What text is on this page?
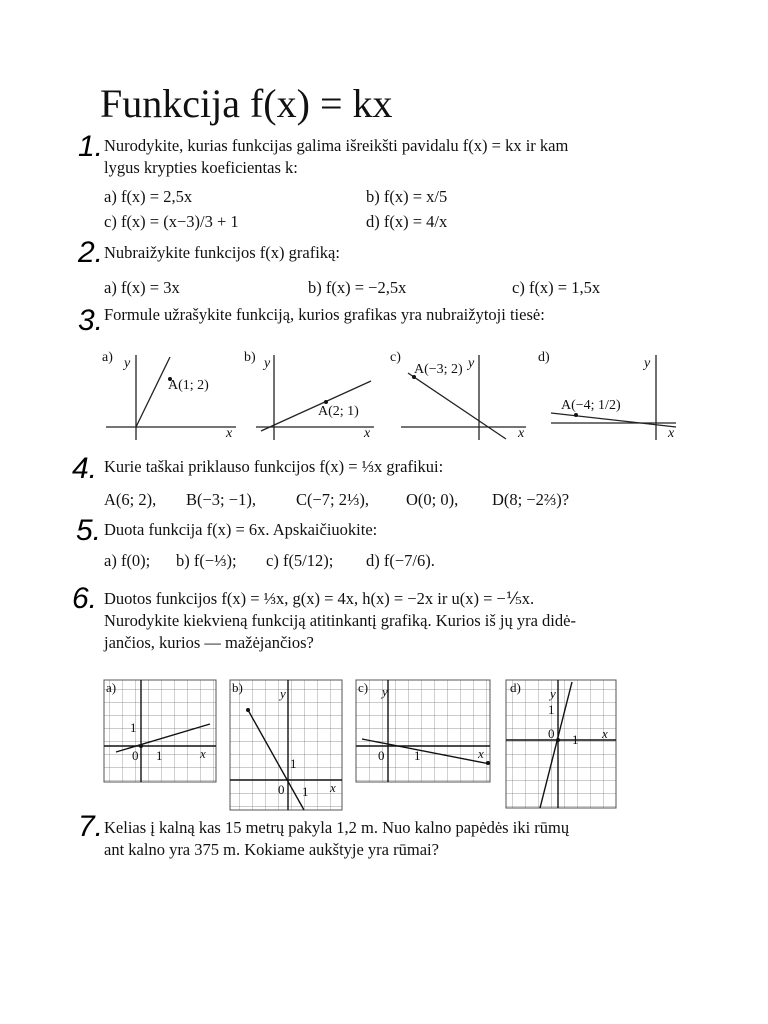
Funkcija f(x) = kx
1. Nurodykite, kurias funkcijas galima išreikšti pavidalu f(x) = kx ir kam
lygus krypties koeficientas k:
a) f(x) = 2,5x	b) f(x) = x/5
c) f(x) = (x−3)/3 + 1	d) f(x) = 4/x
2. Nubraižykite funkcijos f(x) grafiką:
a) f(x) = 3x	b) f(x) = −2,5x	c) f(x) = 1,5x
3. Formule užrašykite funkciją, kurios grafikas yra nubraižytoji tiesė:
a)
A(1; 2)
b)
A(2; 1)
c)
A(−3; 2)
d)
A(−4; 1/2)
y
x
y
x
y
x
y
x
4. Kurie taškai priklauso funkcijos f(x) = ⅓x grafikui:
A(6; 2), B(−3; −1), C(−7; 2⅓), O(0; 0), D(8; −2⅔)?
5. Duota funkcija f(x) = 6x. Apskaičiuokite:
a) f(0); b) f(−⅓); c) f(5/12); d) f(−7/6).
6. Duotos funkcijos f(x) = ⅓x, g(x) = 4x, h(x) = −2x ir u(x) = −⅕x.
Nurodykite kiekvieną funkciją atitinkantį grafiką. Kurios iš jų yra didė-
jančios, kurios — mažėjančios?
a)	b)	c)	d)
0 1
1
x
0 1
1
y
x
0 1
y
x
y
1
0 1 x
7. Kelias į kalną kas 15 metrų pakyla 1,2 m. Nuo kalno papėdės iki rūmų
ant kalno yra 375 m. Kokiame aukštyje yra rūmai?
